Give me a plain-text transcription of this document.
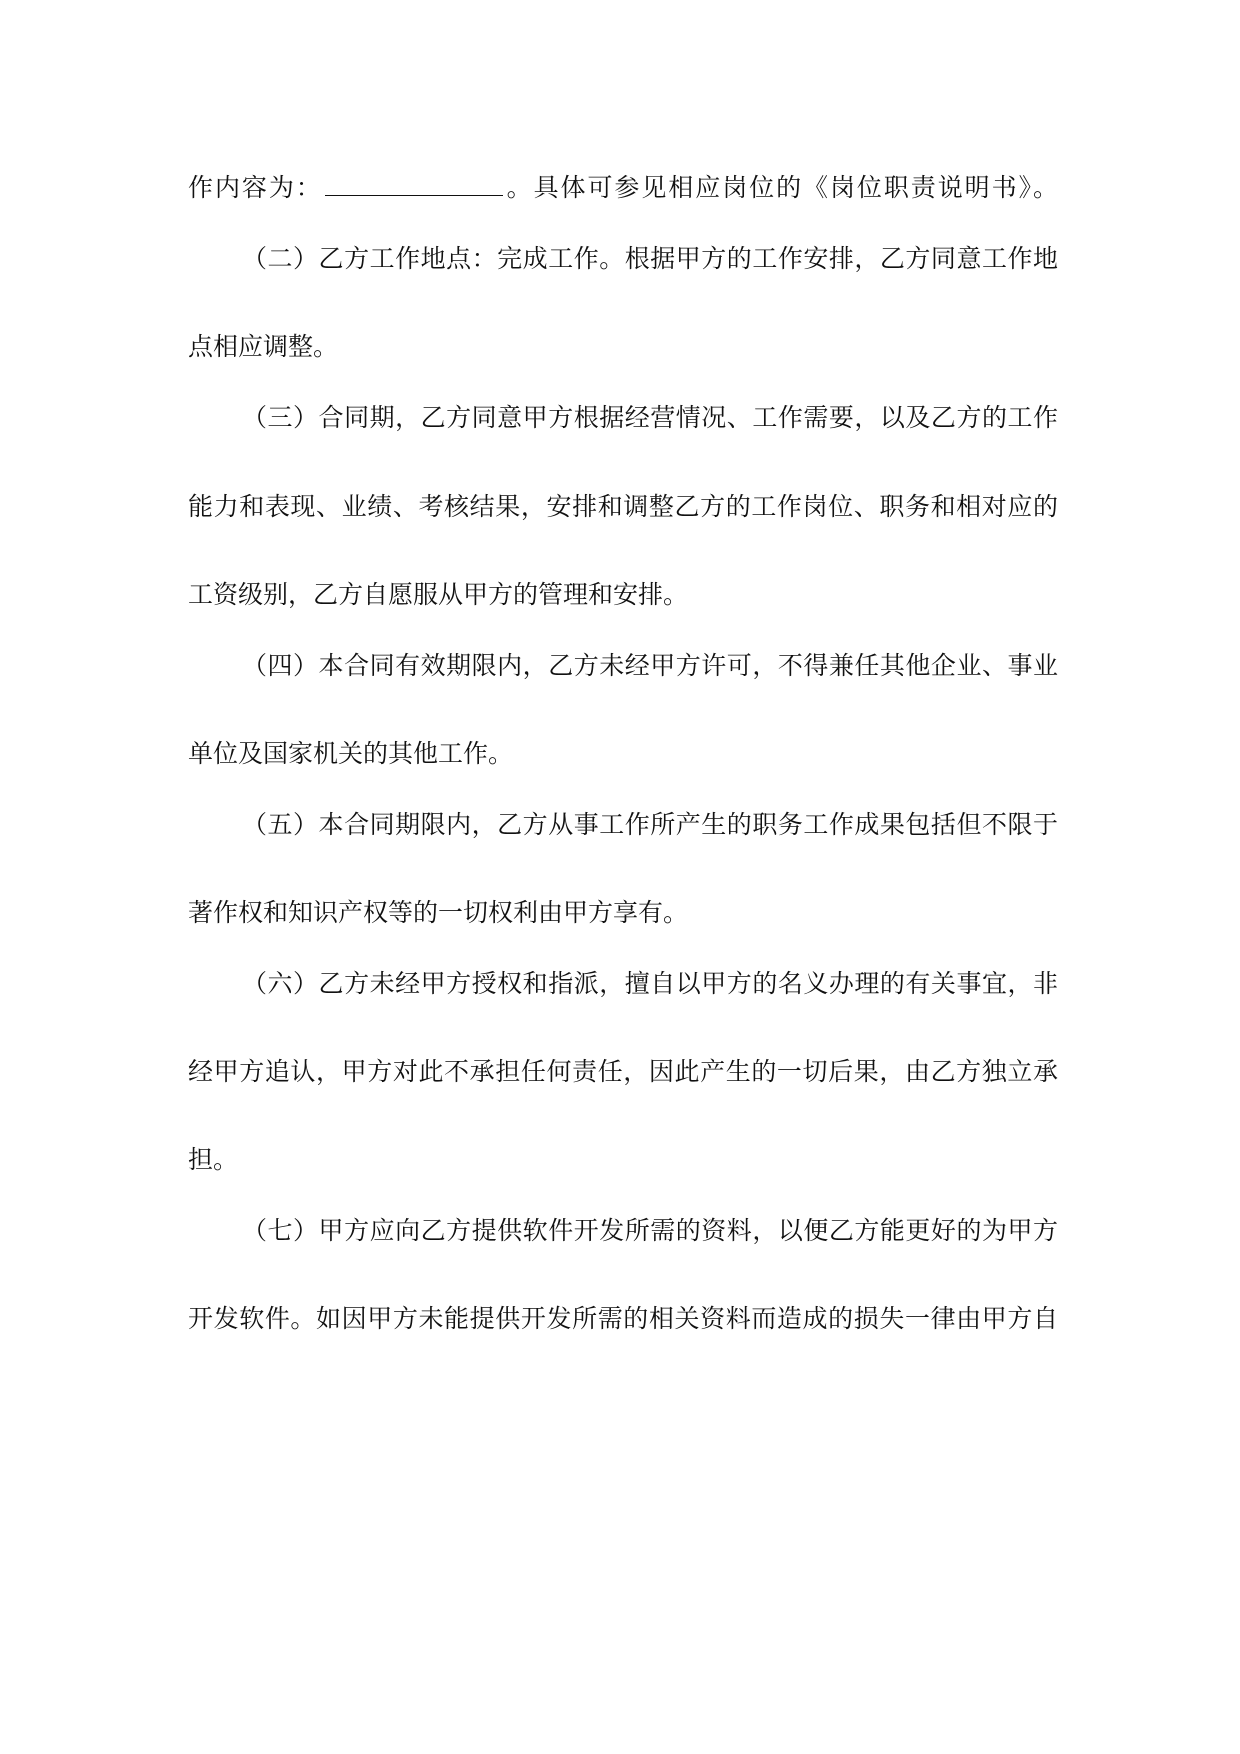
作内容为：	。具体可参见相应岗位的《岗位职责说明书》。
（二）乙方工作地点：完成工作。根据甲方的工作安排，乙方同意工作地
点相应调整。
（三）合同期，乙方同意甲方根据经营情况、工作需要，以及乙方的工作
能力和表现、业绩、考核结果，安排和调整乙方的工作岗位、职务和相对应的
工资级别，乙方自愿服从甲方的管理和安排。
（四）本合同有效期限内，乙方未经甲方许可，不得兼任其他企业、事业
单位及国家机关的其他工作。
（五）本合同期限内，乙方从事工作所产生的职务工作成果包括但不限于
著作权和知识产权等的一切权利由甲方享有。
（六）乙方未经甲方授权和指派，擅自以甲方的名义办理的有关事宜，非
经甲方追认，甲方对此不承担任何责任，因此产生的一切后果，由乙方独立承
担。
（七）甲方应向乙方提供软件开发所需的资料，以便乙方能更好的为甲方
开发软件。如因甲方未能提供开发所需的相关资料而造成的损失一律由甲方自
